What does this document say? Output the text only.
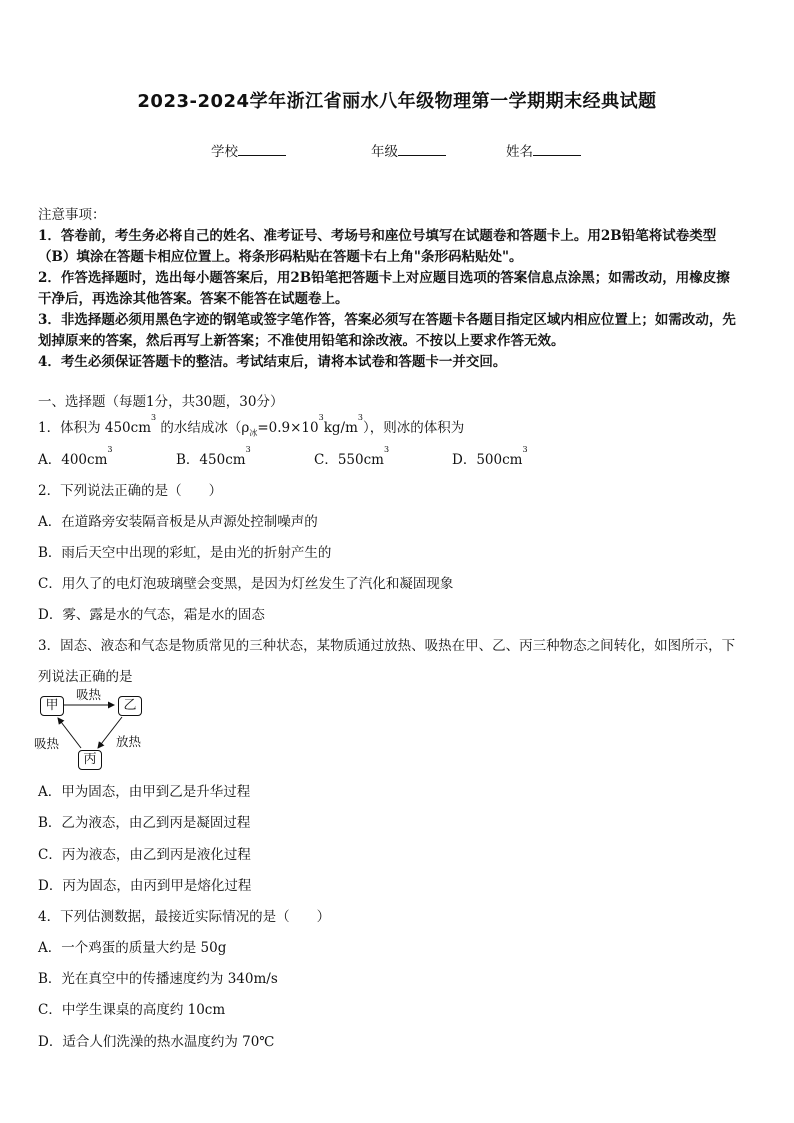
2023-2024学年浙江省丽水八年级物理第一学期期末经典试题
学校	年级	姓名
注意事项：
1．答卷前，考生务必将自己的姓名、准考证号、考场号和座位号填写在试题卷和答题卡上。用2B铅笔将试卷类型
（B）填涂在答题卡相应位置上。将条形码粘贴在答题卡右上角"条形码粘贴处"。
2．作答选择题时，选出每小题答案后，用2B铅笔把答题卡上对应题目选项的答案信息点涂黑；如需改动，用橡皮擦
干净后，再选涂其他答案。答案不能答在试题卷上。
3．非选择题必须用黑色字迹的钢笔或签字笔作答，答案必须写在答题卡各题目指定区域内相应位置上；如需改动，先
划掉原来的答案，然后再写上新答案；不准使用铅笔和涂改液。不按以上要求作答无效。
4．考生必须保证答题卡的整洁。考试结束后，请将本试卷和答题卡一并交回。
一、选择题（每题1分，共30题，30分）
1．体积为 $450cm^3$ 的水结成冰$(\rho_冰=0.9\times 10^3kg/m^3)$，则冰的体积为
A．$400cm^3$
B．$450cm^3$
C．$550cm^3$
D．$500cm^3$
2．下列说法正确的是（　　）
A．在道路旁安装隔音板是从声源处控制噪声的
B．雨后天空中出现的彩虹，是由光的折射产生的
C．用久了的电灯泡玻璃壁会变黑，是因为灯丝发生了汽化和凝固现象
D．雾、露是水的气态，霜是水的固态
3．固态、液态和气态是物质常见的三种状态，某物质通过放热、吸热在甲、乙、丙三种物态之间转化，如图所示，下
列说法正确的是
甲	乙
丙
吸热
放热
吸热
A．甲为固态，由甲到乙是升华过程
B．乙为液态，由乙到丙是凝固过程
C．丙为液态，由乙到丙是液化过程
D．丙为固态，由丙到甲是熔化过程
4．下列估测数据，最接近实际情况的是（　　）
A．一个鸡蛋的质量大约是 50g
B．光在真空中的传播速度约为 340m/s
C．中学生课桌的高度约 10cm
D．适合人们洗澡的热水温度约为 70℃
